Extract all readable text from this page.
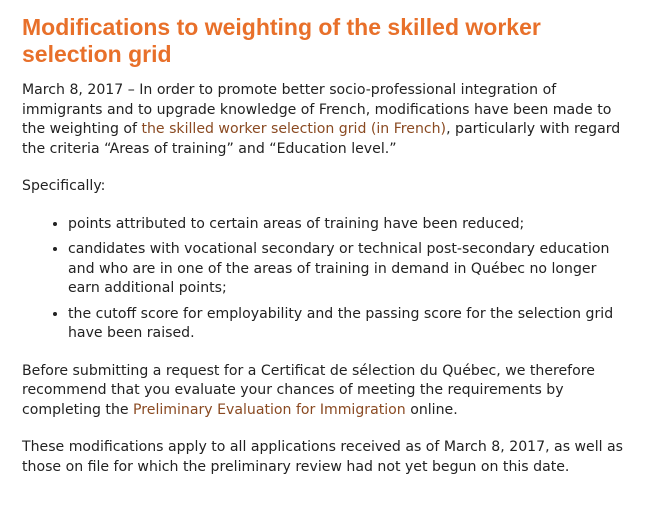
Modifications to weighting of the skilled worker selection grid

March 8, 2017 – In order to promote better socio-professional integration of immigrants and to upgrade knowledge of French, modifications have been made to the weighting of the skilled worker selection grid (in French), particularly with regard the criteria “Areas of training” and “Education level.”

Specifically:

• points attributed to certain areas of training have been reduced;
• candidates with vocational secondary or technical post-secondary education and who are in one of the areas of training in demand in Québec no longer earn additional points;
• the cutoff score for employability and the passing score for the selection grid have been raised.

Before submitting a request for a Certificat de sélection du Québec, we therefore recommend that you evaluate your chances of meeting the requirements by completing the Preliminary Evaluation for Immigration online.

These modifications apply to all applications received as of March 8, 2017, as well as those on file for which the preliminary review had not yet begun on this date.
